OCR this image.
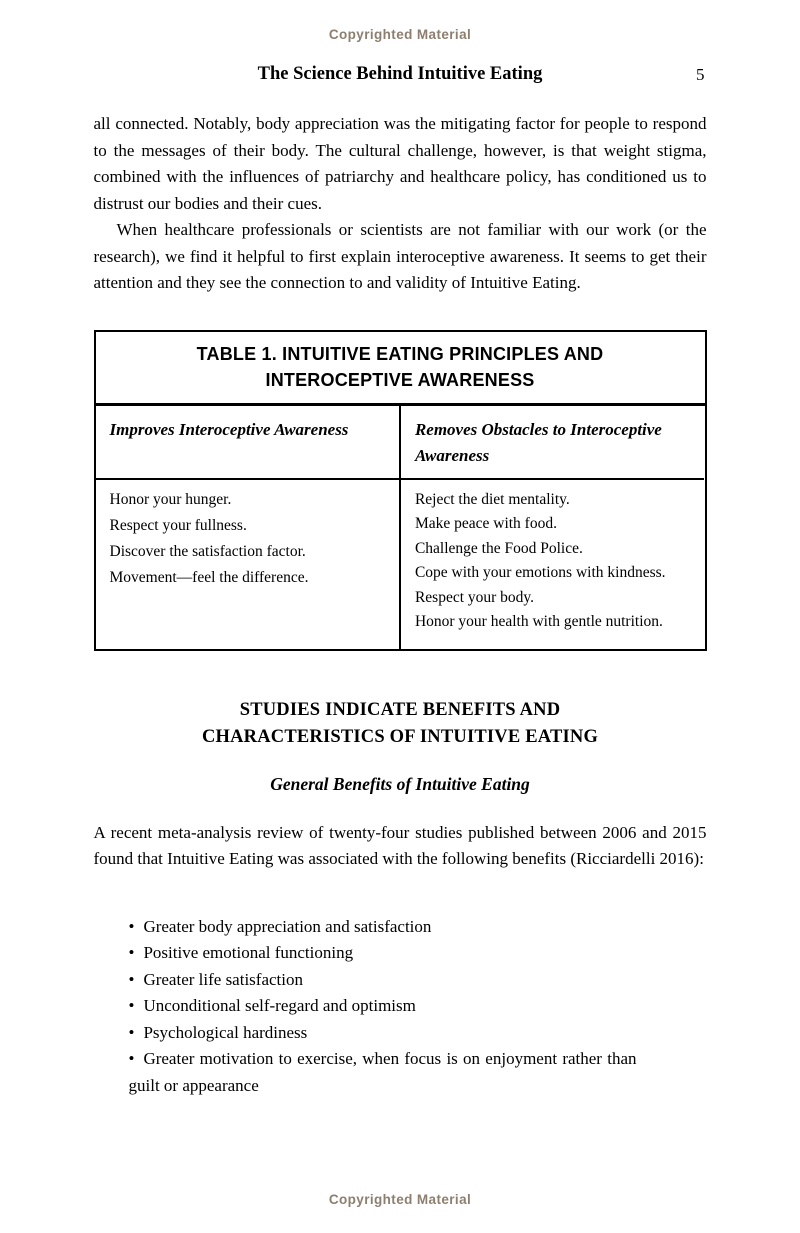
Copyrighted Material
The Science Behind Intuitive Eating	5

all connected. Notably, body appreciation was the mitigating factor for people to respond to the messages of their body. The cultural challenge, however, is that weight stigma, combined with the influences of patriarchy and healthcare policy, has conditioned us to distrust our bodies and their cues.

When healthcare professionals or scientists are not familiar with our work (or the research), we find it helpful to first explain interoceptive awareness. It seems to get their attention and they see the connection to and validity of Intuitive Eating.

TABLE 1. INTUITIVE EATING PRINCIPLES AND INTEROCEPTIVE AWARENESS
Improves Interoceptive Awareness	Removes Obstacles to Interoceptive Awareness
Honor your hunger.
Respect your fullness.
Discover the satisfaction factor.
Movement—feel the difference.
Reject the diet mentality.
Make peace with food.
Challenge the Food Police.
Cope with your emotions with kindness.
Respect your body.
Honor your health with gentle nutrition.
STUDIES INDICATE BENEFITS AND CHARACTERISTICS OF INTUITIVE EATING
General Benefits of Intuitive Eating

A recent meta-analysis review of twenty-four studies published between 2006 and 2015 found that Intuitive Eating was associated with the following benefits (Ricciardelli 2016):

• Greater body appreciation and satisfaction
• Positive emotional functioning
• Greater life satisfaction
• Unconditional self-regard and optimism
• Psychological hardiness
• Greater motivation to exercise, when focus is on enjoyment rather than guilt or appearance
Copyrighted Material
